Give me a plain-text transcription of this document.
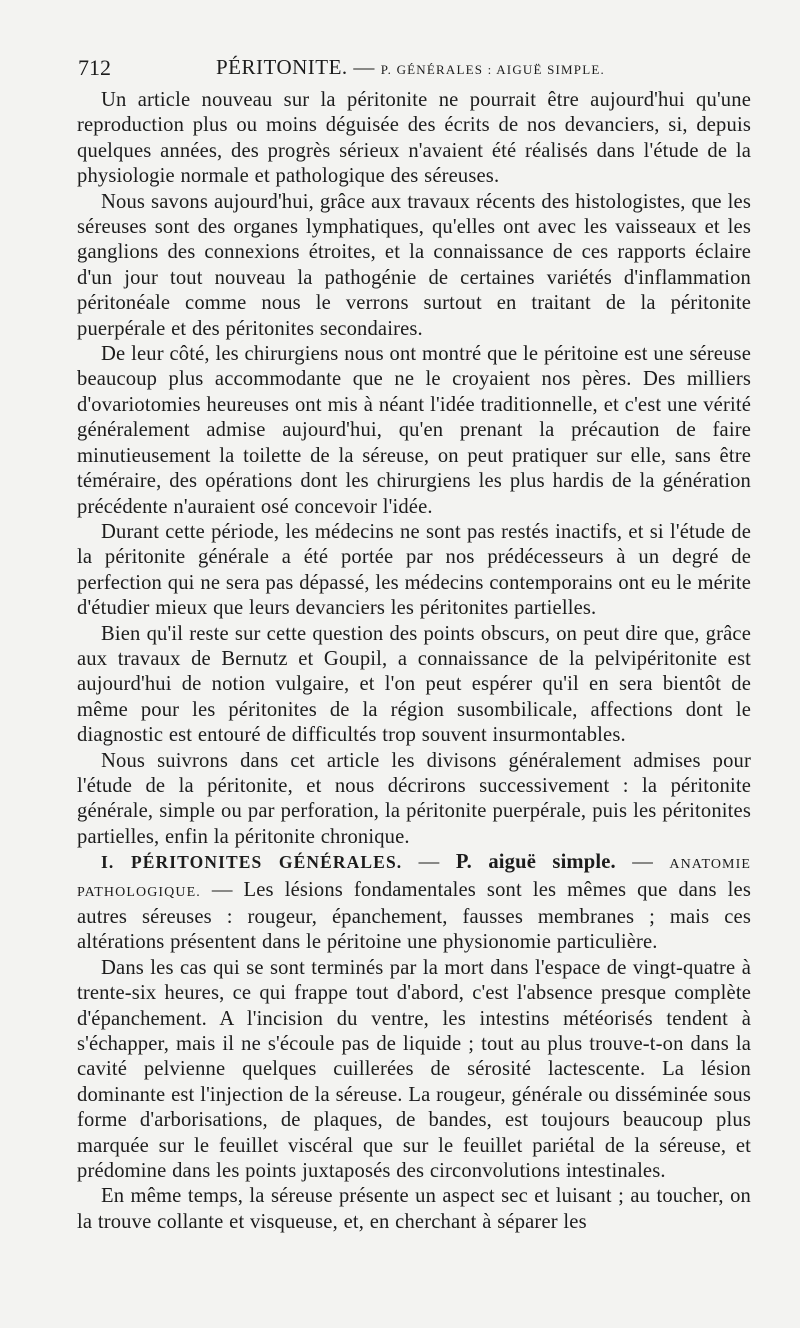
712	PÉRITONITE. — P. GÉNÉRALES : AIGUË SIMPLE.

Un article nouveau sur la péritonite ne pourrait être aujourd'hui qu'une reproduction plus ou moins déguisée des écrits de nos devanciers, si, depuis quelques années, des progrès sérieux n'avaient été réalisés dans l'étude de la physiologie normale et pathologique des séreuses.

Nous savons aujourd'hui, grâce aux travaux récents des histologistes, que les séreuses sont des organes lymphatiques, qu'elles ont avec les vaisseaux et les ganglions des connexions étroites, et la connaissance de ces rapports éclaire d'un jour tout nouveau la pathogénie de certaines variétés d'inflammation péritonéale comme nous le verrons surtout en traitant de la péritonite puerpérale et des péritonites secondaires.

De leur côté, les chirurgiens nous ont montré que le péritoine est une séreuse beaucoup plus accommodante que ne le croyaient nos pères. Des milliers d'ovariotomies heureuses ont mis à néant l'idée traditionnelle, et c'est une vérité généralement admise aujourd'hui, qu'en prenant la précaution de faire minutieusement la toilette de la séreuse, on peut pratiquer sur elle, sans être téméraire, des opérations dont les chirurgiens les plus hardis de la génération précédente n'auraient osé concevoir l'idée.

Durant cette période, les médecins ne sont pas restés inactifs, et si l'étude de la péritonite générale a été portée par nos prédécesseurs à un degré de perfection qui ne sera pas dépassé, les médecins contemporains ont eu le mérite d'étudier mieux que leurs devanciers les péritonites partielles.

Bien qu'il reste sur cette question des points obscurs, on peut dire que, grâce aux travaux de Bernutz et Goupil, a connaissance de la pelvipéritonite est aujourd'hui de notion vulgaire, et l'on peut espérer qu'il en sera bientôt de même pour les péritonites de la région susombilicale, affections dont le diagnostic est entouré de difficultés trop souvent insurmontables.

Nous suivrons dans cet article les divisons généralement admises pour l'étude de la péritonite, et nous décrirons successivement : la péritonite générale, simple ou par perforation, la péritonite puerpérale, puis les péritonites partielles, enfin la péritonite chronique.

I. PÉRITONITES GÉNÉRALES. — P. aiguë simple. — ANATOMIE PATHOLOGIQUE. — Les lésions fondamentales sont les mêmes que dans les autres séreuses : rougeur, épanchement, fausses membranes ; mais ces altérations présentent dans le péritoine une physionomie particulière.

Dans les cas qui se sont terminés par la mort dans l'espace de vingt-quatre à trente-six heures, ce qui frappe tout d'abord, c'est l'absence presque complète d'épanchement. A l'incision du ventre, les intestins météorisés tendent à s'échapper, mais il ne s'écoule pas de liquide ; tout au plus trouve-t-on dans la cavité pelvienne quelques cuillerées de sérosité lactescente. La lésion dominante est l'injection de la séreuse. La rougeur, générale ou disséminée sous forme d'arborisations, de plaques, de bandes, est toujours beaucoup plus marquée sur le feuillet viscéral que sur le feuillet pariétal de la séreuse, et prédomine dans les points juxtaposés des circonvolutions intestinales.

En même temps, la séreuse présente un aspect sec et luisant ; au toucher, on la trouve collante et visqueuse, et, en cherchant à séparer les
